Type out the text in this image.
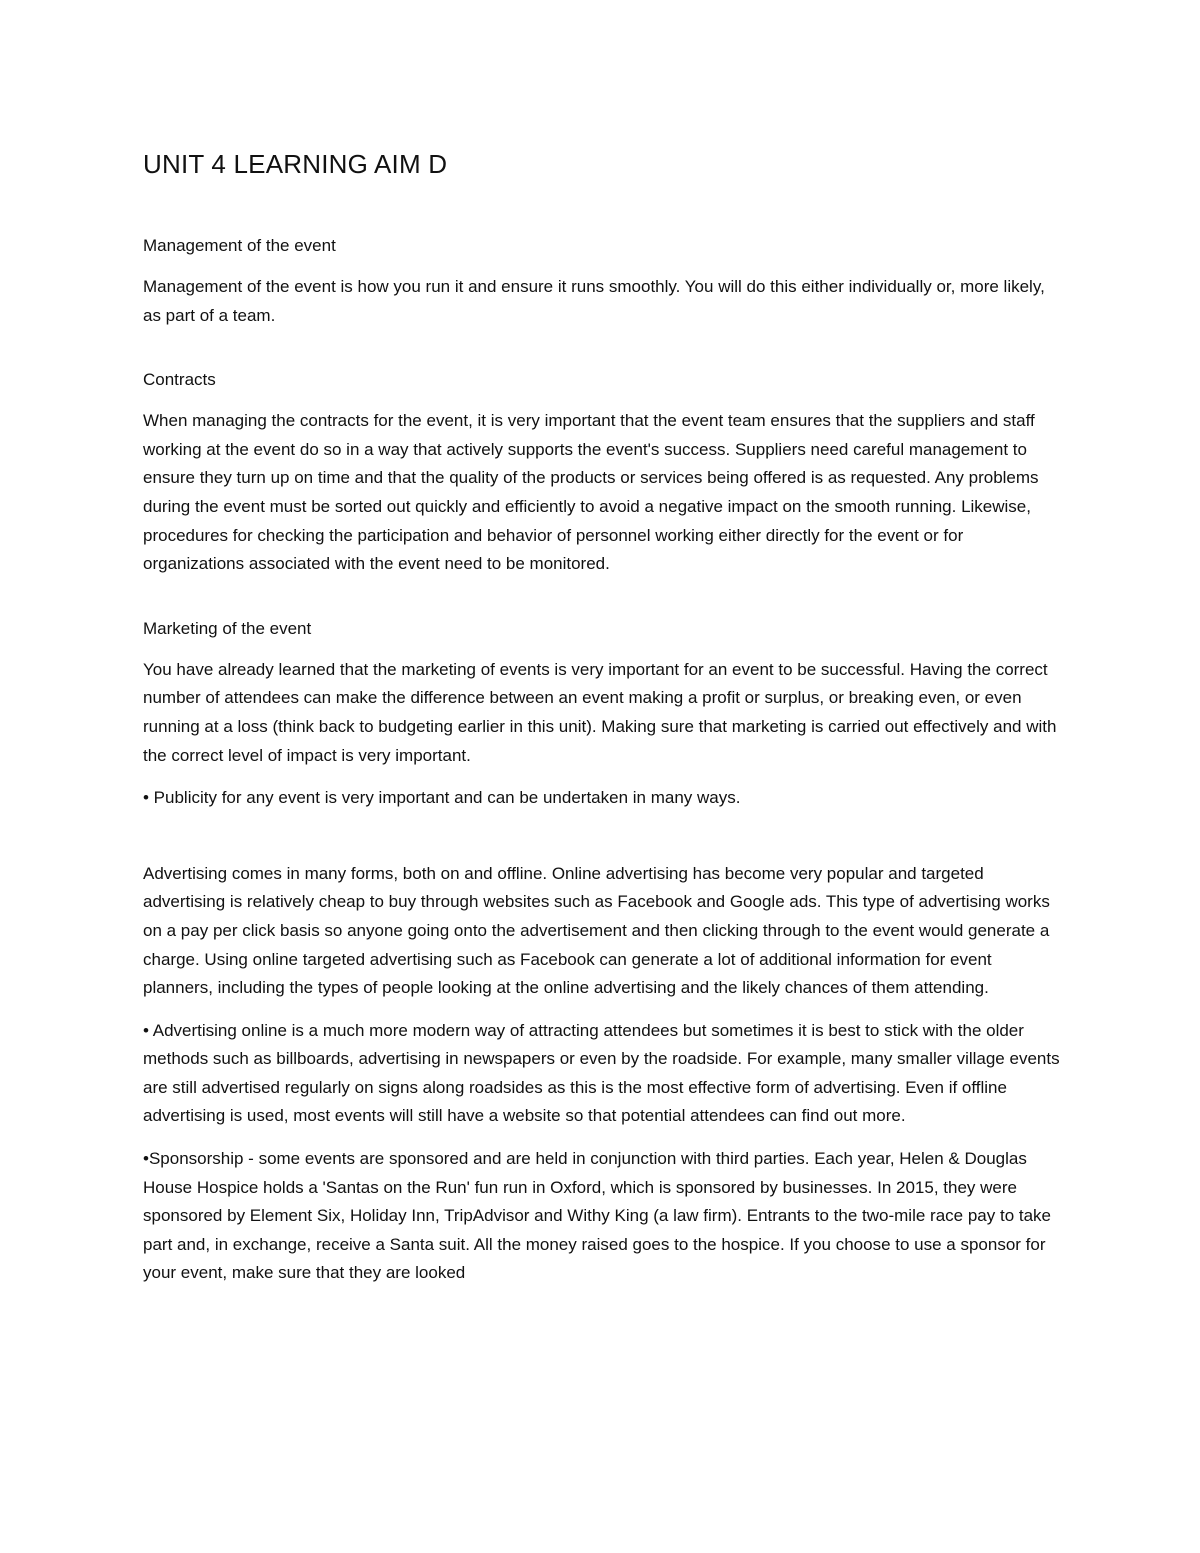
UNIT 4 LEARNING AIM D
Management of the event

Management of the event is how you run it and ensure it runs smoothly. You will do this either individually or, more likely, as part of a team.

Contracts

When managing the contracts for the event, it is very important that the event team ensures that the suppliers and staff working at the event do so in a way that actively supports the event's success. Suppliers need careful management to ensure they turn up on time and that the quality of the products or services being offered is as requested. Any problems during the event must be sorted out quickly and efficiently to avoid a negative impact on the smooth running. Likewise, procedures for checking the participation and behavior of personnel working either directly for the event or for organizations associated with the event need to be monitored.

Marketing of the event

You have already learned that the marketing of events is very important for an event to be successful. Having the correct number of attendees can make the difference between an event making a profit or surplus, or breaking even, or even running at a loss (think back to budgeting earlier in this unit). Making sure that marketing is carried out effectively and with the correct level of impact is very important.

• Publicity for any event is very important and can be undertaken in many ways.

Advertising comes in many forms, both on and offline. Online advertising has become very popular and targeted advertising is relatively cheap to buy through websites such as Facebook and Google ads. This type of advertising works on a pay per click basis so anyone going onto the advertisement and then clicking through to the event would generate a charge. Using online targeted advertising such as Facebook can generate a lot of additional information for event planners, including the types of people looking at the online advertising and the likely chances of them attending.

• Advertising online is a much more modern way of attracting attendees but sometimes it is best to stick with the older methods such as billboards, advertising in newspapers or even by the roadside. For example, many smaller village events are still advertised regularly on signs along roadsides as this is the most effective form of advertising. Even if offline advertising is used, most events will still have a website so that potential attendees can find out more.

•Sponsorship - some events are sponsored and are held in conjunction with third parties. Each year, Helen & Douglas House Hospice holds a 'Santas on the Run' fun run in Oxford, which is sponsored by businesses. In 2015, they were sponsored by Element Six, Holiday Inn, TripAdvisor and Withy King (a law firm). Entrants to the two-mile race pay to take part and, in exchange, receive a Santa suit. All the money raised goes to the hospice. If you choose to use a sponsor for your event, make sure that they are looked
